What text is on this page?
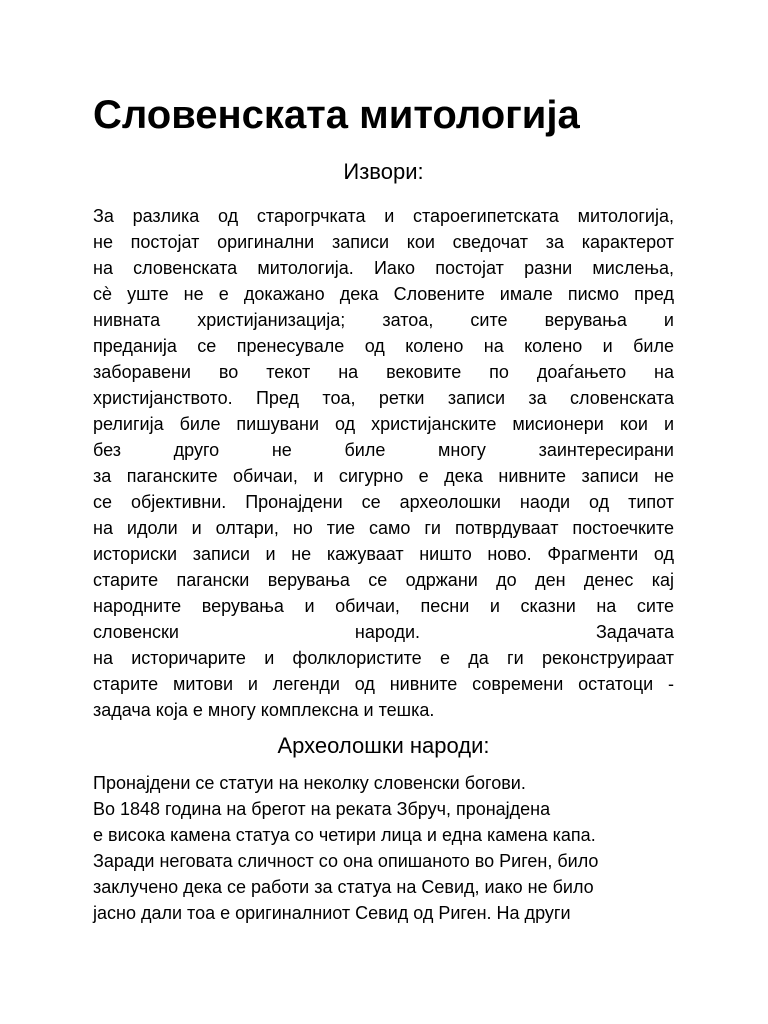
Словенската митологија
Извори:
За разлика од старогрчката и староегипетската митологија,
не постојат оригинални записи кои сведочат за карактерот
на словенската митологија. Иако постојат разни мислења,
сѐ уште не е докажано дека Словените имале писмо пред
нивната христијанизација; затоа, сите верувања и
преданија се пренесувале од колено на колено и биле
заборавени во текот на вековите по доаѓањето на
христијанството. Пред тоа, ретки записи за словенската
религија биле пишувани од христијанските мисионери кои и
без друго не биле многу заинтересирани
за паганските обичаи, и сигурно е дека нивните записи не
се објективни. Пронајдени се археолошки наоди од типот
на идоли и олтари, но тие само ги потврдуваат постоечките
историски записи и не кажуваат ништо ново. Фрагменти од
старите пагански верувања се одржани до ден денес кај
народните верувања и обичаи, песни и сказни на сите
словенски народи. Задачата
на историчарите и фолклористите е да ги реконструираат
старите митови и легенди од нивните современи остатоци -
задача која е многу комплексна и тешка.
Археолошки народи:
Пронајдени се статуи на неколку словенски богови.
Во 1848 година на брегот на реката Збруч, пронајдена
е висока камена статуа со четири лица и една камена капа.
Заради неговата сличност со она опишаното во Риген, било
заклучено дека се работи за статуа на Севид, иако не било
јасно дали тоа е оригиналниот Севид од Риген. На други
